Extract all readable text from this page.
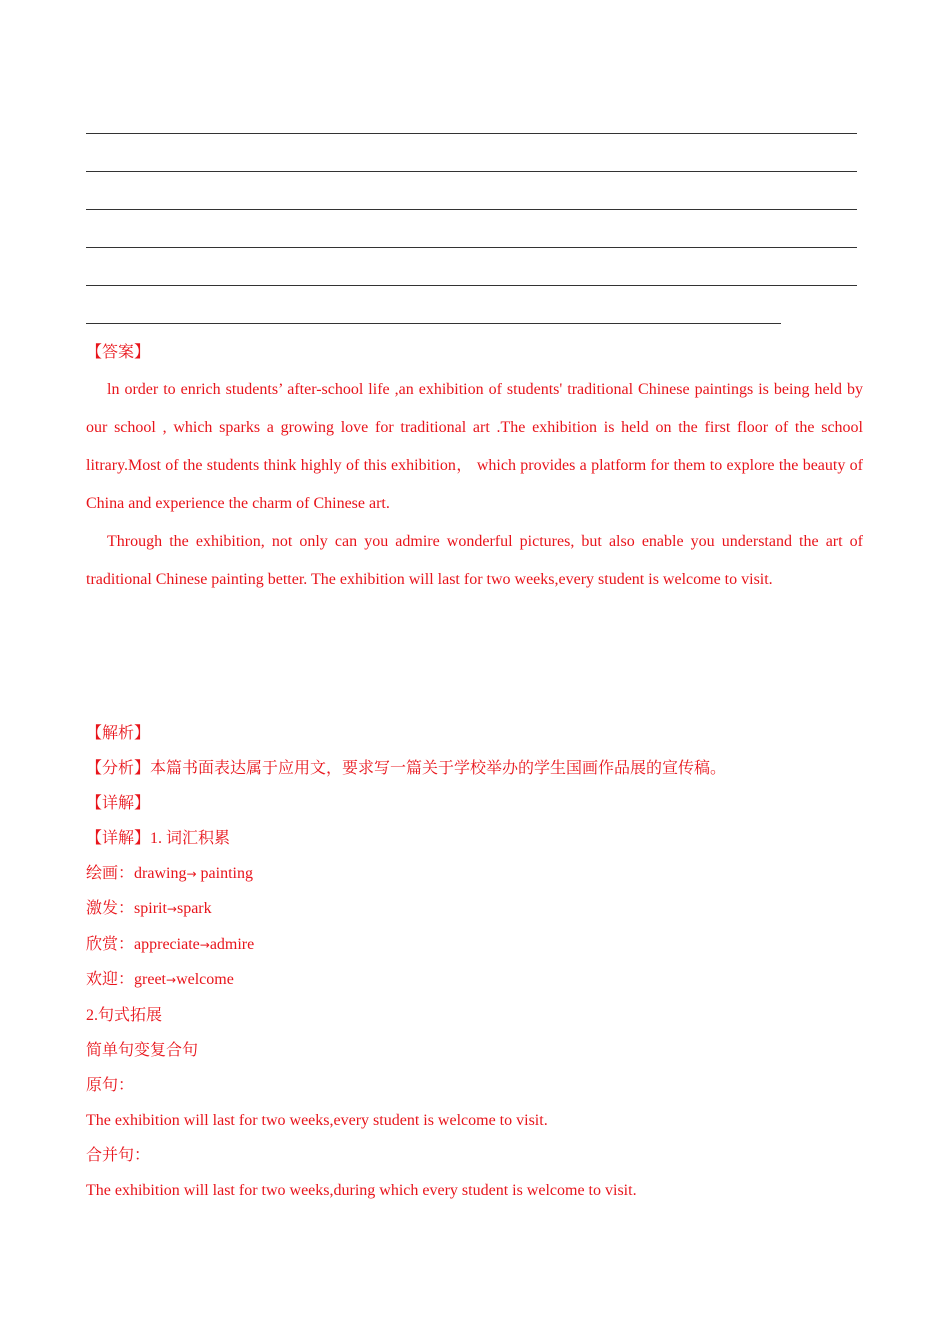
【答案】
ln order to enrich students’ after-school life ,an exhibition of students' traditional Chinese paintings is being held by our school , which sparks a growing love for traditional art .The exhibition is held on the first floor of the school litrary.Most of the students think highly of this exhibition， which provides a platform for them to explore the beauty of China and experience the charm of Chinese art.
Through the exhibition, not only can you admire wonderful pictures, but also enable you understand the art of traditional Chinese painting better. The exhibition will last for two weeks,every student is welcome to visit.
【解析】
【分析】本篇书面表达属于应用文，要求写一篇关于学校举办的学生国画作品展的宣传稿。
【详解】
【详解】1. 词汇积累
绘画：drawing→ painting
激发：spirit→spark
欣赏：appreciate→admire
欢迎：greet→welcome
2.句式拓展
简单句变复合句
原句：
The exhibition will last for two weeks,every student is welcome to visit.
合并句：
The exhibition will last for two weeks,during which every student is welcome to visit.
